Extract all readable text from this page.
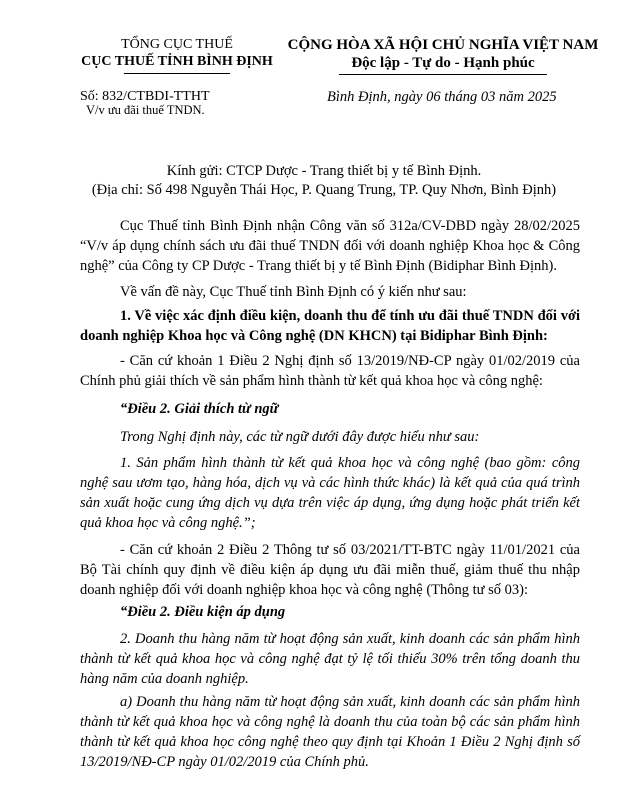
TỔNG CỤC THUẾ
CỤC THUẾ TỈNH BÌNH ĐỊNH
CỘNG HÒA XÃ HỘI CHỦ NGHĨA VIỆT NAM
Độc lập - Tự do - Hạnh phúc
Số: 832/CTBDI-TTHT
V/v ưu đãi thuế TNDN.
Bình Định, ngày 06 tháng 03 năm 2025
Kính gửi: CTCP Dược - Trang thiết bị y tế Bình Định.
(Địa chỉ: Số 498 Nguyễn Thái Học, P. Quang Trung, TP. Quy Nhơn, Bình Định)
Cục Thuế tỉnh Bình Định nhận Công văn số 312a/CV-DBD ngày 28/02/2025 “V/v áp dụng chính sách ưu đãi thuế TNDN đối với doanh nghiệp Khoa học & Công nghệ” của Công ty CP Dược - Trang thiết bị y tế Bình Định (Bidiphar Bình Định).
Về vấn đề này, Cục Thuế tỉnh Bình Định có ý kiến như sau:
1. Về việc xác định điều kiện, doanh thu để tính ưu đãi thuế TNDN đối với doanh nghiệp Khoa học và Công nghệ (DN KHCN) tại Bidiphar Bình Định:
- Căn cứ khoản 1 Điều 2 Nghị định số 13/2019/NĐ-CP ngày 01/02/2019 của Chính phủ giải thích về sản phẩm hình thành từ kết quả khoa học và công nghệ:
“Điều 2. Giải thích từ ngữ
Trong Nghị định này, các từ ngữ dưới đây được hiểu như sau:
1. Sản phẩm hình thành từ kết quả khoa học và công nghệ (bao gồm: công nghệ sau ươm tạo, hàng hóa, dịch vụ và các hình thức khác) là kết quả của quá trình sản xuất hoặc cung ứng dịch vụ dựa trên việc áp dụng, ứng dụng hoặc phát triển kết quả khoa học và công nghệ.”;
- Căn cứ khoản 2 Điều 2 Thông tư số 03/2021/TT-BTC ngày 11/01/2021 của Bộ Tài chính quy định về điều kiện áp dụng ưu đãi miễn thuế, giảm thuế thu nhập doanh nghiệp đối với doanh nghiệp khoa học và công nghệ (Thông tư số 03):
“Điều 2. Điều kiện áp dụng
2. Doanh thu hàng năm từ hoạt động sản xuất, kinh doanh các sản phẩm hình thành từ kết quả khoa học và công nghệ đạt tỷ lệ tối thiểu 30% trên tổng doanh thu hàng năm của doanh nghiệp.
a) Doanh thu hàng năm từ hoạt động sản xuất, kinh doanh các sản phẩm hình thành từ kết quả khoa học và công nghệ là doanh thu của toàn bộ các sản phẩm hình thành từ kết quả khoa học công nghệ theo quy định tại Khoản 1 Điều 2 Nghị định số 13/2019/NĐ-CP ngày 01/02/2019 của Chính phủ.
